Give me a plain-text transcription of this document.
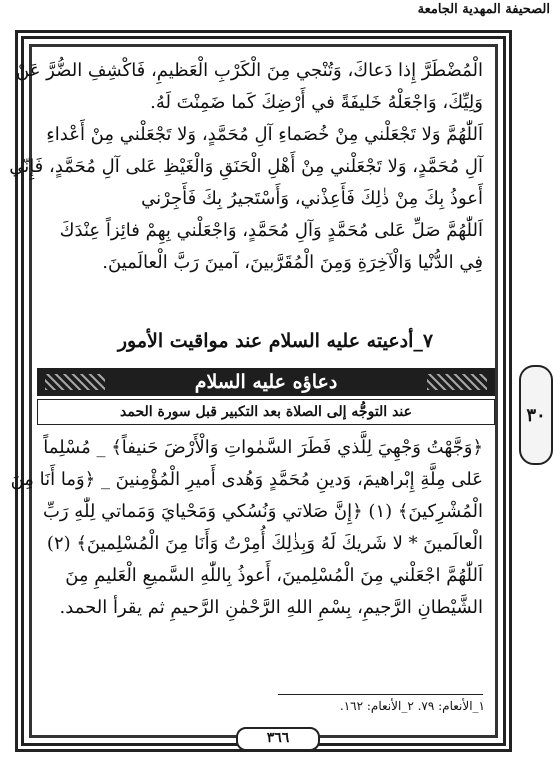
الصحيفة المهدية الجامعة
٣٠
الْمُضْطَرَّ إِذا دَعاكَ، وَتُنْجي مِنَ الْكَرْبِ الْعَظيمِ، فَاكْشِفِ الضُّرَّ عَنْ
وَلِيِّكَ، وَاجْعَلْهُ خَليفَةً في أَرْضِكَ كَما ضَمِنْتَ لَهُ.
اَللّٰهُمَّ وَلا تَجْعَلْني مِنْ خُصَماءِ آلِ مُحَمَّدٍ، وَلا تَجْعَلْني مِنْ أَعْداءِ
آلِ مُحَمَّدٍ، وَلا تَجْعَلْني مِنْ أَهْلِ الْحَنَقِ وَالْغَيْظِ عَلى آلِ مُحَمَّدٍ، فَإِنّي
أَعوذُ بِكَ مِنْ ذٰلِكَ فَأَعِذْني، وَأَسْتَجيرُ بِكَ فَأَجِرْني
اَللّٰهُمَّ صَلِّ عَلى مُحَمَّدٍ وَآلِ مُحَمَّدٍ، وَاجْعَلْني بِهِمْ فائِزاً عِنْدَكَ
فِي الدُّنْيا وَالْآخِرَةِ وَمِنَ الْمُقَرَّبينَ، آمينَ رَبَّ الْعالَمينَ.
٧_أدعيته عليه السلام عند مواقيت الأمور
دعاؤه عليه السلام
عند التوجُّه إلى الصلاة بعد التكبير قبل سورة الحمد
﴿وَجَّهْتُ وَجْهِيَ لِلَّذي فَطَرَ السَّمٰواتِ وَالْأَرْضَ حَنيفاً﴾ _ مُسْلِماً
عَلى مِلَّةِ إِبْراهيمَ، وَدينِ مُحَمَّدٍ وَهُدى أَميرِ الْمُؤْمِنينَ _ ﴿وَما أَنَا مِنَ
الْمُشْرِكينَ﴾ (١) ﴿إِنَّ صَلاتي وَنُسُكي وَمَحْيايَ وَمَماتي لِلّٰهِ رَبِّ
الْعالَمينَ * لا شَريكَ لَهُ وَبِذٰلِكَ أُمِرْتُ وَأَنَا مِنَ الْمُسْلِمينَ﴾ (٢)
اَللّٰهُمَّ اجْعَلْني مِنَ الْمُسْلِمينَ، أَعوذُ بِاللّٰهِ السَّميعِ الْعَليمِ مِنَ
الشَّيْطانِ الرَّجيمِ، بِسْمِ اللهِ الرَّحْمٰنِ الرَّحيمِ ثم يقرأ الحمد.
١_الأنعام: ٧٩. ٢_الأنعام: ١٦٢.
٣٦٦
